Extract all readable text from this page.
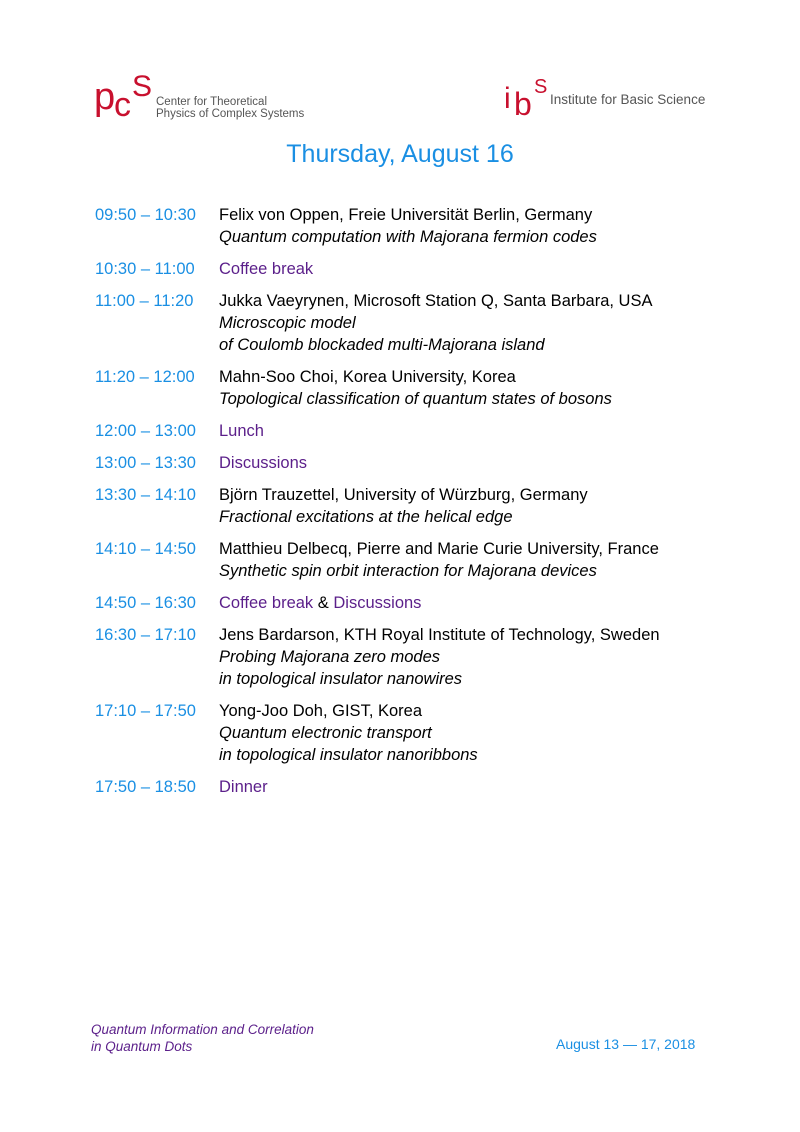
p
c S Center for Theoretical
Physics of Complex Systems	i b S
Institute for Basic Science
Thursday, August 16
09:50 – 10:30	Felix von Oppen, Freie Universität Berlin, Germany
Quantum computation with Majorana fermion codes
10:30 – 11:00	Coffee break
11:00 – 11:20	Jukka Vaeyrynen, Microsoft Station Q, Santa Barbara, USA
Microscopic model
of Coulomb blockaded multi-Majorana island
11:20 – 12:00	Mahn-Soo Choi, Korea University, Korea
Topological classification of quantum states of bosons
12:00 – 13:00	Lunch
13:00 – 13:30	Discussions
13:30 – 14:10	Björn Trauzettel, University of Würzburg, Germany
Fractional excitations at the helical edge
14:10 – 14:50	Matthieu Delbecq, Pierre and Marie Curie University, France
Synthetic spin orbit interaction for Majorana devices
14:50 – 16:30	Coffee break & Discussions
16:30 – 17:10	Jens Bardarson, KTH Royal Institute of Technology, Sweden
Probing Majorana zero modes
in topological insulator nanowires
17:10 – 17:50	Yong-Joo Doh, GIST, Korea
Quantum electronic transport
in topological insulator nanoribbons
17:50 – 18:50	Dinner
Quantum Information and Correlation
in Quantum Dots	August 13 — 17, 2018
